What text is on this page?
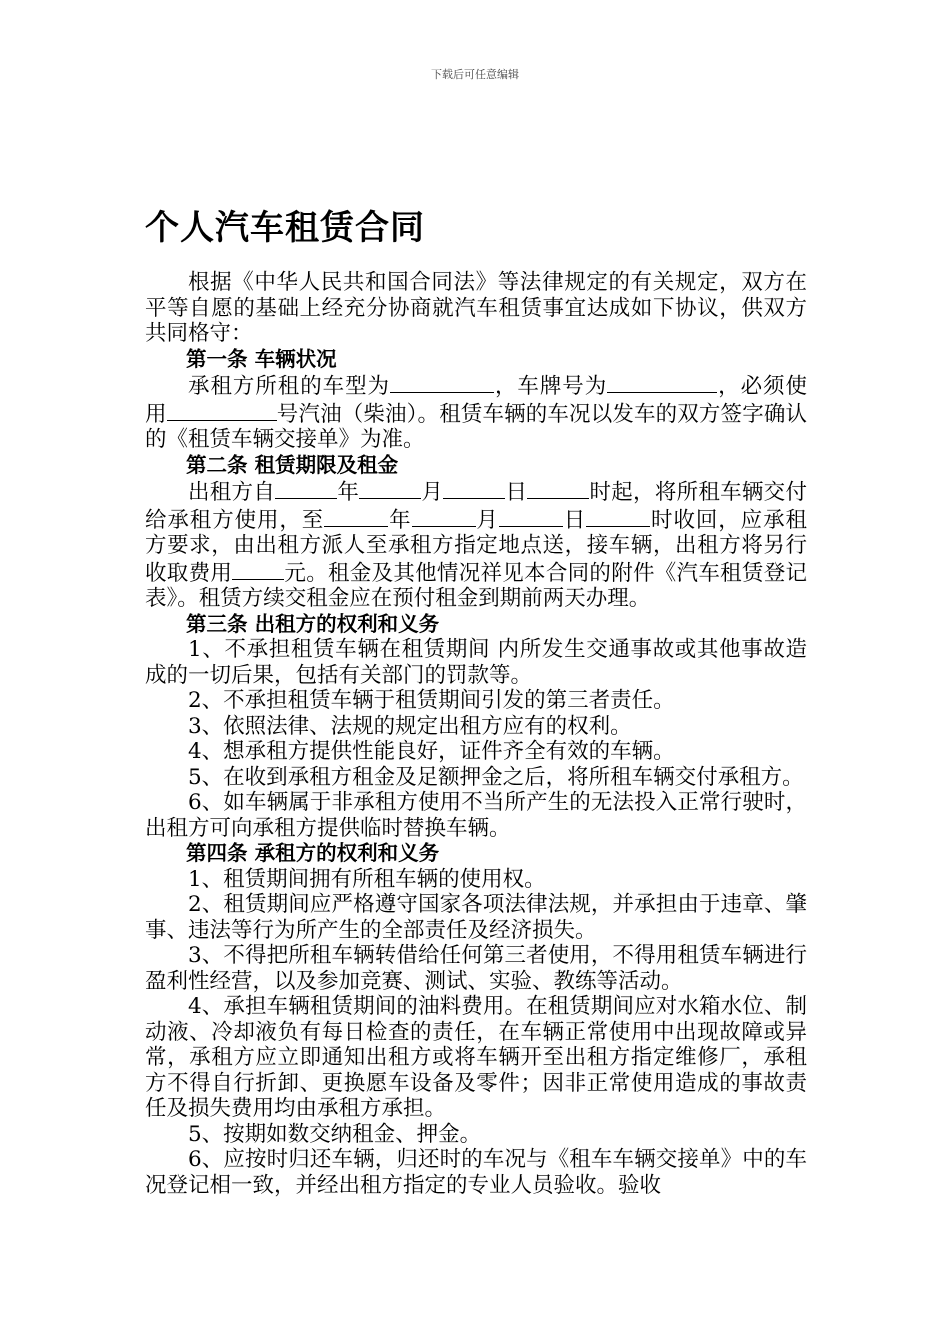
下载后可任意编辑
个人汽车租赁合同

根据《中华人民共和国合同法》等法律规定的有关规定，双方在平等自愿的基础上经充分协商就汽车租赁事宜达成如下协议，供双方共同格守：

第一条 车辆状况

承租方所租的车型为	，车牌号为	，必须使用	号汽油（柴油）。租赁车辆的车况以发车的双方签字确认的《租赁车辆交接单》为准。

第二条 租赁期限及租金

出租方自	年	月	日	时起，将所租车辆交付给承租方使用，至	年	月	日	时收回，应承租方要求，由出租方派人至承租方指定地点送，接车辆，出租方将另行收取费用 元。租金及其他情况祥见本合同的附件《汽车租赁登记表》。租赁方续交租金应在预付租金到期前两天办理。

第三条 出租方的权利和义务

1、不承担租赁车辆在租赁期间 内所发生交通事故或其他事故造成的一切后果，包括有关部门的罚款等。

2、不承担租赁车辆于租赁期间引发的第三者责任。

3、依照法律、法规的规定出租方应有的权利。

4、想承租方提供性能良好，证件齐全有效的车辆。

5、在收到承租方租金及足额押金之后，将所租车辆交付承租方。

6、如车辆属于非承租方使用不当所产生的无法投入正常行驶时，出租方可向承租方提供临时替换车辆。

第四条 承租方的权利和义务

1、租赁期间拥有所租车辆的使用权。

2、租赁期间应严格遵守国家各项法律法规，并承担由于违章、肇事、违法等行为所产生的全部责任及经济损失。

3、不得把所租车辆转借给任何第三者使用，不得用租赁车辆进行盈利性经营，以及参加竞赛、测试、实验、教练等活动。

4、承担车辆租赁期间的油料费用。在租赁期间应对水箱水位、制动液、冷却液负有每日检查的责任，在车辆正常使用中出现故障或异常，承租方应立即通知出租方或将车辆开至出租方指定维修厂，承租方不得自行折卸、更换愿车设备及零件；因非正常使用造成的事故责任及损失费用均由承租方承担。

5、按期如数交纳租金、押金。

6、应按时归还车辆，归还时的车况与《租车车辆交接单》中的车况登记相一致，并经出租方指定的专业人员验收。验收
